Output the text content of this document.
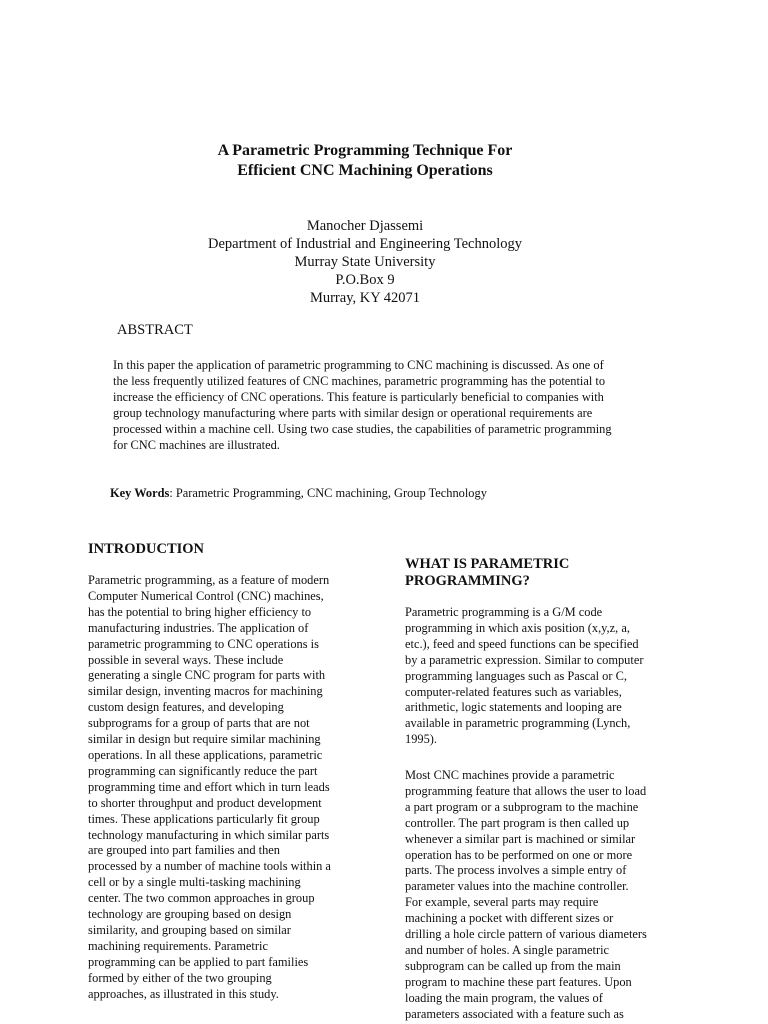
A Parametric Programming Technique For
Efficient CNC Machining Operations
Manocher Djassemi
Department of Industrial and Engineering Technology
Murray State University
P.O.Box 9
Murray, KY 42071
ABSTRACT
In this paper the application of parametric programming to CNC machining is discussed. As one of
the less frequently utilized features of CNC machines, parametric programming has the potential to
increase the efficiency of CNC operations. This feature is particularly beneficial to companies with
group technology manufacturing where parts with similar design or operational requirements are
processed within a machine cell. Using two case studies, the capabilities of parametric programming
for CNC machines are illustrated.
Key Words: Parametric Programming, CNC machining, Group Technology
INTRODUCTION
Parametric programming, as a feature of modern
Computer Numerical Control (CNC) machines,
has the potential to bring higher efficiency to
manufacturing industries. The application of
parametric programming to CNC operations is
possible in several ways. These include
generating a single CNC program for parts with
similar design, inventing macros for machining
custom design features, and developing
subprograms for a group of parts that are not
similar in design but require similar machining
operations. In all these applications, parametric
programming can significantly reduce the part
programming time and effort which in turn leads
to shorter throughput and product development
times. These applications particularly fit group
technology manufacturing in which similar parts
are grouped into part families and then
processed by a number of machine tools within a
cell or by a single multi-tasking machining
center. The two common approaches in group
technology are grouping based on design
similarity, and grouping based on similar
machining requirements. Parametric
programming can be applied to part families
formed by either of the two grouping
approaches, as illustrated in this study.
WHAT IS PARAMETRIC
PROGRAMMING?
Parametric programming is a G/M code
programming in which axis position (x,y,z, a,
etc.), feed and speed functions can be specified
by a parametric expression. Similar to computer
programming languages such as Pascal or C,
computer-related features such as variables,
arithmetic, logic statements and looping are
available in parametric programming (Lynch,
1995).
Most CNC machines provide a parametric
programming feature that allows the user to load
a part program or a subprogram to the machine
controller. The part program is then called up
whenever a similar part is machined or similar
operation has to be performed on one or more
parts. The process involves a simple entry of
parameter values into the machine controller.
For example, several parts may require
machining a pocket with different sizes or
drilling a hole circle pattern of various diameters
and number of holes. A single parametric
subprogram can be called up from the main
program to machine these part features. Upon
loading the main program, the values of
parameters associated with a feature such as
